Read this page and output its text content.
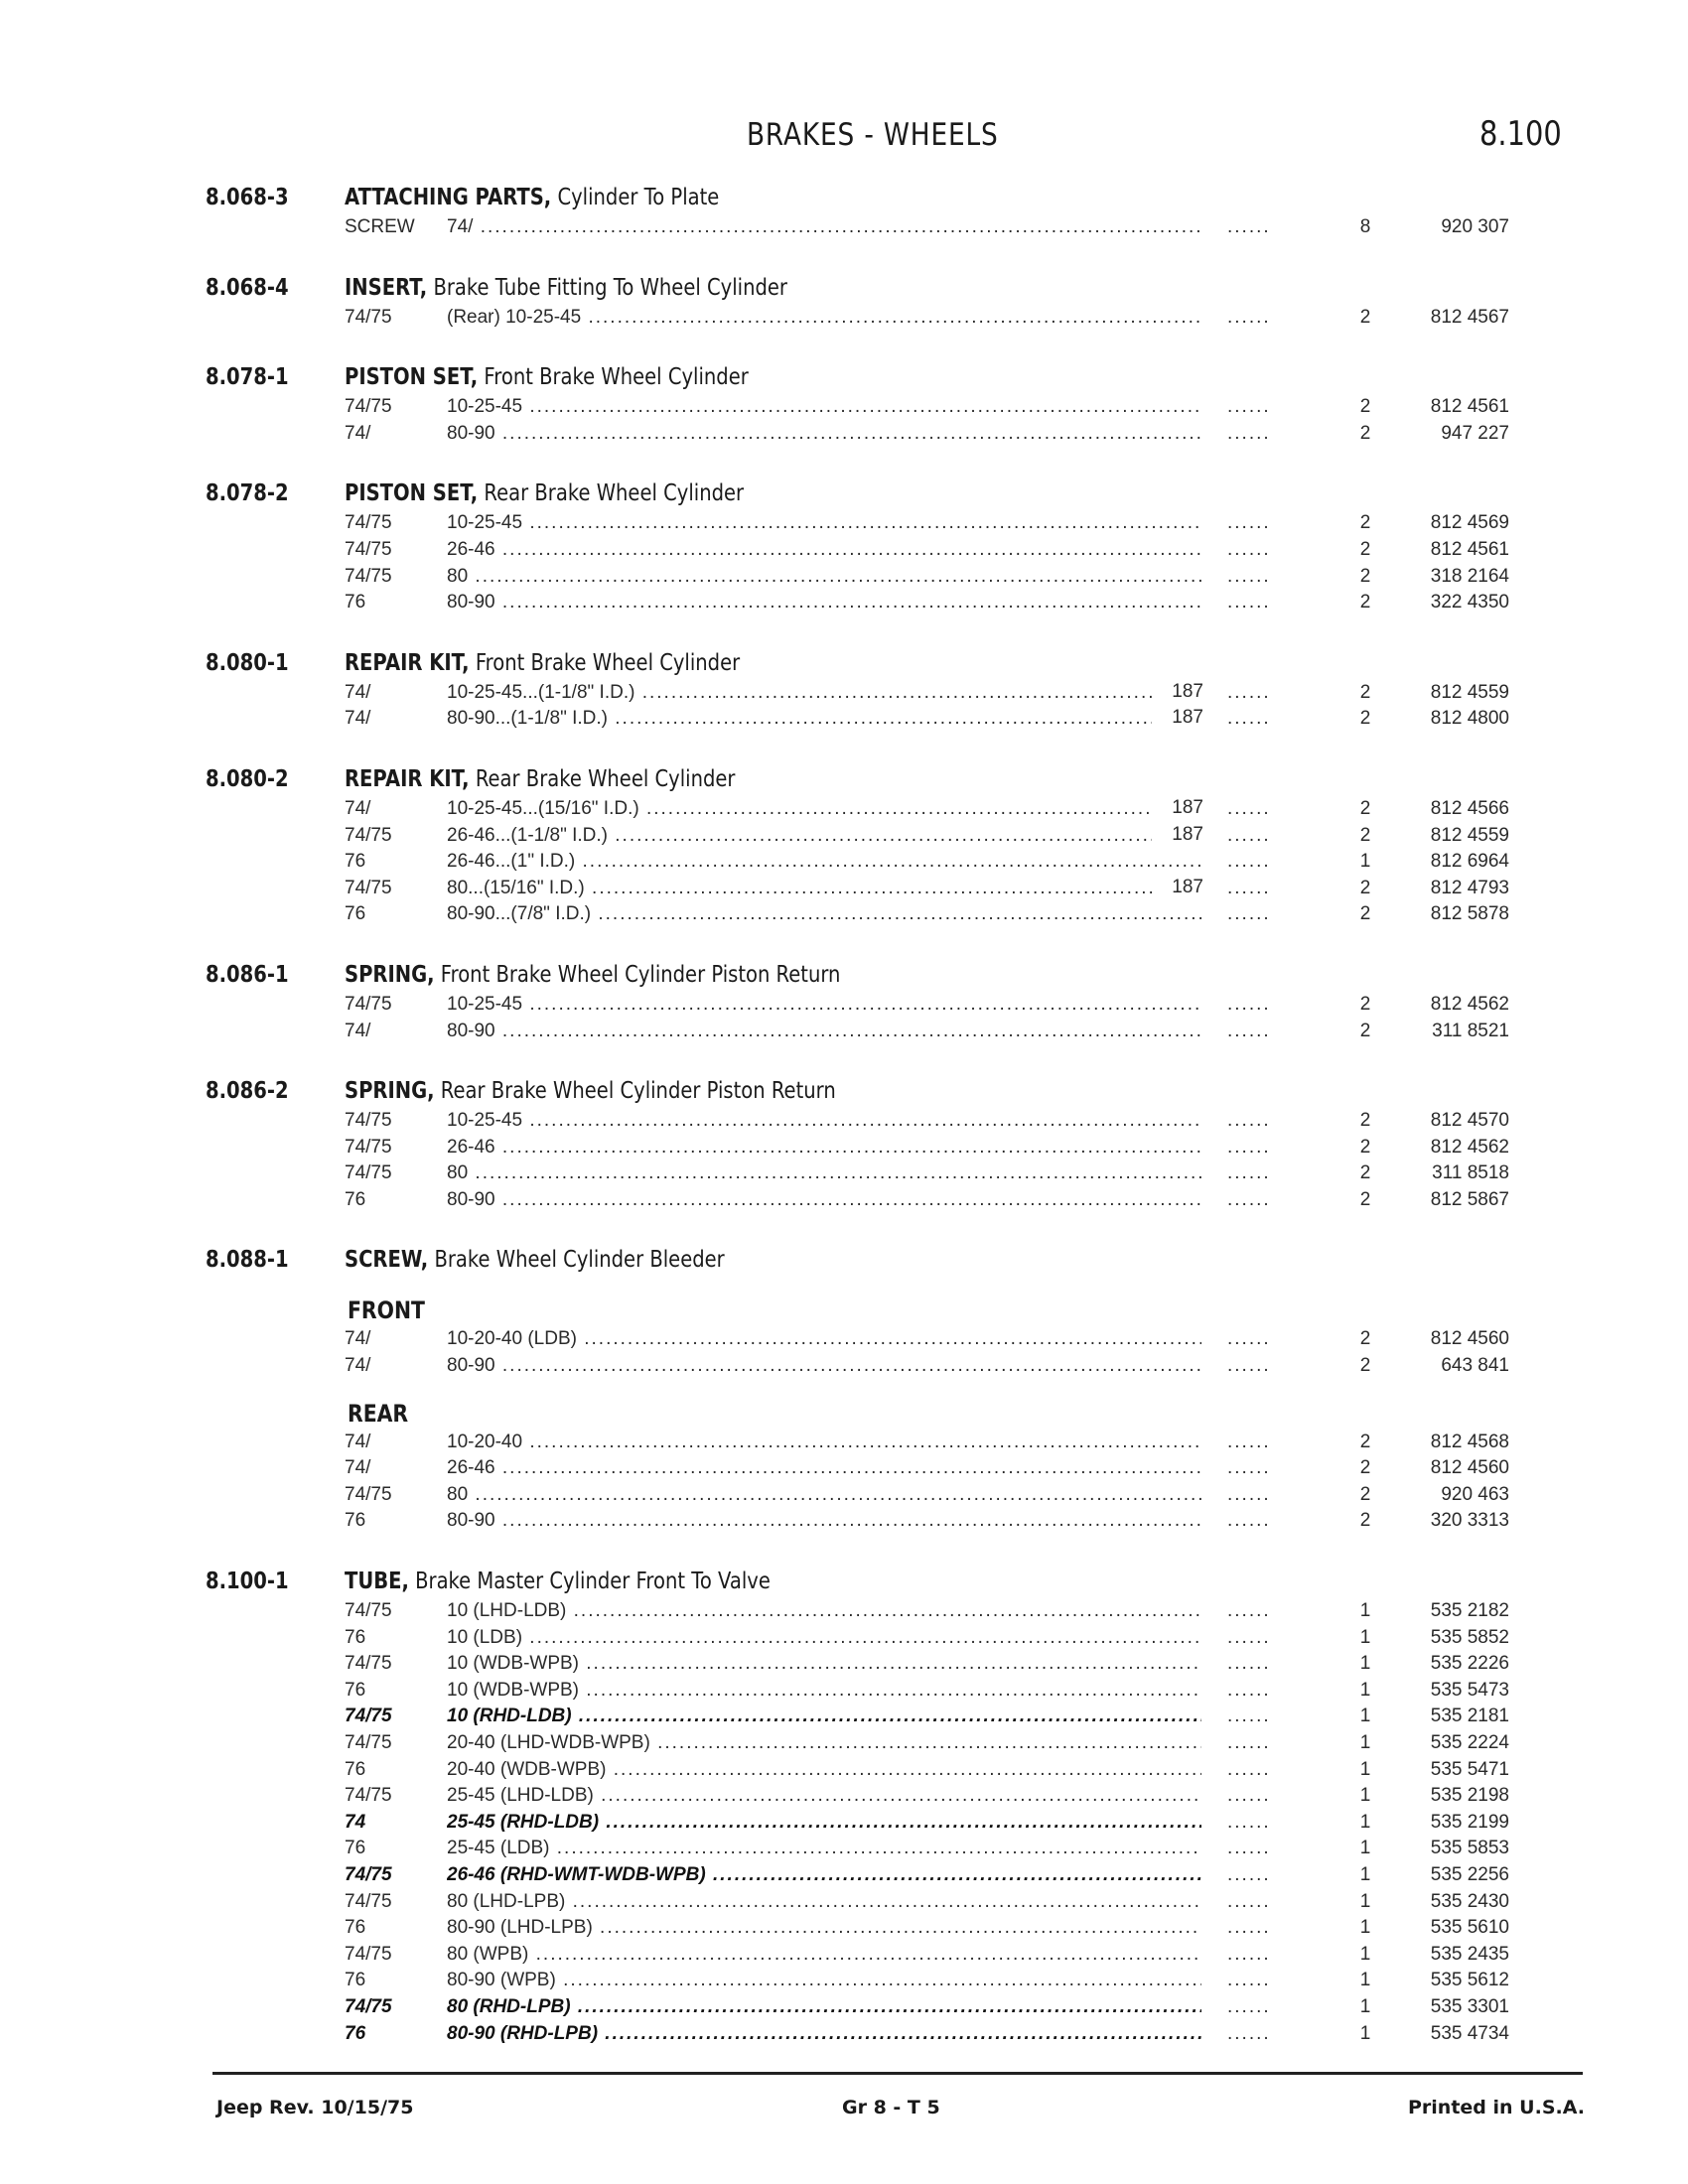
BRAKES - WHEELS	8.100
8.068-3 ATTACHING PARTS, Cylinder To Plate
SCREW	74/ .....	......	8	920 307
8.068-4 INSERT, Brake Tube Fitting To Wheel Cylinder
74/75	(Rear) 10-25-45 .....	......	2	812 4567
8.078-1 PISTON SET, Front Brake Wheel Cylinder
74/75	10-25-45 .....	......	2	812 4561
74/	80-90 .....	......	2	947 227
8.078-2 PISTON SET, Rear Brake Wheel Cylinder
74/75	10-25-45 .....	......	2	812 4569
74/75	26-46 .....	......	2	812 4561
74/75	80 .....	......	2	318 2164
76	80-90 .....	......	2	322 4350
8.080-1 REPAIR KIT, Front Brake Wheel Cylinder
74/	10-25-45...(1-1/8" I.D.) .....	187 ......	2	812 4559
74/	80-90...(1-1/8" I.D.) .....	187 ......	2	812 4800
8.080-2 REPAIR KIT, Rear Brake Wheel Cylinder
74/	10-25-45...(15/16" I.D.) .....	187 ......	2	812 4566
74/75	26-46...(1-1/8" I.D.) .....	187 ......	2	812 4559
76	26-46...(1" I.D.) .....	......	1	812 6964
74/75	80...(15/16" I.D.) .....	187 ......	2	812 4793
76	80-90...(7/8" I.D.) .....	......	2	812 5878
8.086-1 SPRING, Front Brake Wheel Cylinder Piston Return
74/75	10-25-45 .....	......	2	812 4562
74/	80-90 .....	......	2	311 8521
8.086-2 SPRING, Rear Brake Wheel Cylinder Piston Return
74/75	10-25-45 .....	......	2	812 4570
74/75	26-46 .....	......	2	812 4562
74/75	80 .....	......	2	311 8518
76	80-90 .....	......	2	812 5867
8.088-1 SCREW, Brake Wheel Cylinder Bleeder
FRONT
74/	10-20-40 (LDB) .....	......	2	812 4560
74/	80-90 .....	......	2	643 841
REAR
74/	10-20-40 .....	......	2	812 4568
74/	26-46 .....	......	2	812 4560
74/75	80 .....	......	2	920 463
76	80-90 .....	......	2	320 3313
8.100-1 TUBE, Brake Master Cylinder Front To Valve
74/75	10 (LHD-LDB) .....	......	1	535 2182
76	10 (LDB) .....	......	1	535 5852
74/75	10 (WDB-WPB) .....	......	1	535 2226
76	10 (WDB-WPB) .....	......	1	535 5473
74/75	10 (RHD-LDB) .....	......	1	535 2181
74/75	20-40 (LHD-WDB-WPB) .....	......	1	535 2224
76	20-40 (WDB-WPB) .....	......	1	535 5471
74/75	25-45 (LHD-LDB) .....	......	1	535 2198
74	25-45 (RHD-LDB) .....	......	1	535 2199
76	25-45 (LDB) .....	......	1	535 5853
74/75	26-46 (RHD-WMT-WDB-WPB) .....	......	1	535 2256
74/75	80 (LHD-LPB) .....	......	1	535 2430
76	80-90 (LHD-LPB) .....	......	1	535 5610
74/75	80 (WPB) .....	......	1	535 2435
76	80-90 (WPB) .....	......	1	535 5612
74/75	80 (RHD-LPB) .....	......	1	535 3301
76	80-90 (RHD-LPB) .....	......	1	535 4734
Jeep Rev. 10/15/75	Gr 8 - T 5	Printed in U.S.A.
